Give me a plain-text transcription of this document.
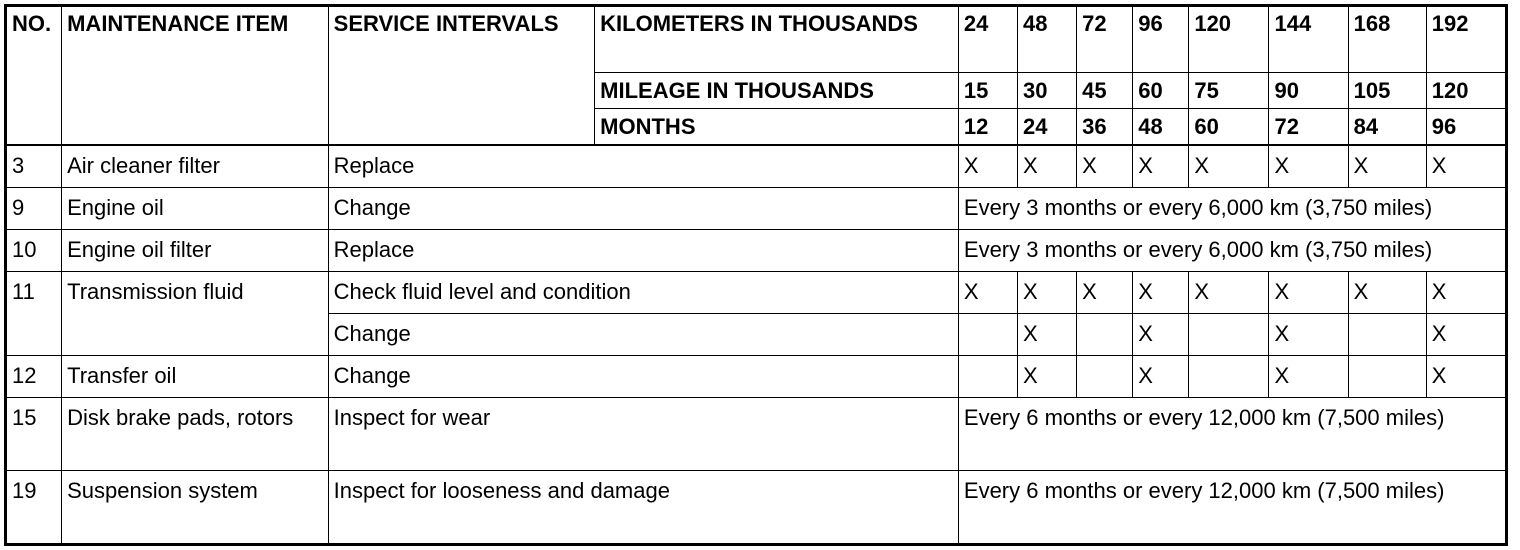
NO.	MAINTENANCE ITEM	SERVICE INTERVALS	KILOMETERS IN THOUSANDS	24	48	72	96	120	144	168	192
			MILEAGE IN THOUSANDS	15	30	45	60	75	90	105	120
			MONTHS	12	24	36	48	60	72	84	96
3	Air cleaner filter	Replace		X	X	X	X	X	X	X	X
9	Engine oil	Change		Every 3 months or every 6,000 km (3,750 miles)							
10	Engine oil filter	Replace		Every 3 months or every 6,000 km (3,750 miles)							
11	Transmission fluid	Check fluid level and condition		X	X	X	X	X	X	X	X
		Change			X		X		X		X
12	Transfer oil	Change			X		X		X		X
15	Disk brake pads, rotors	Inspect for wear		Every 6 months or every 12,000 km (7,500 miles)							
19	Suspension system	Inspect for looseness and damage		Every 6 months or every 12,000 km (7,500 miles)							
